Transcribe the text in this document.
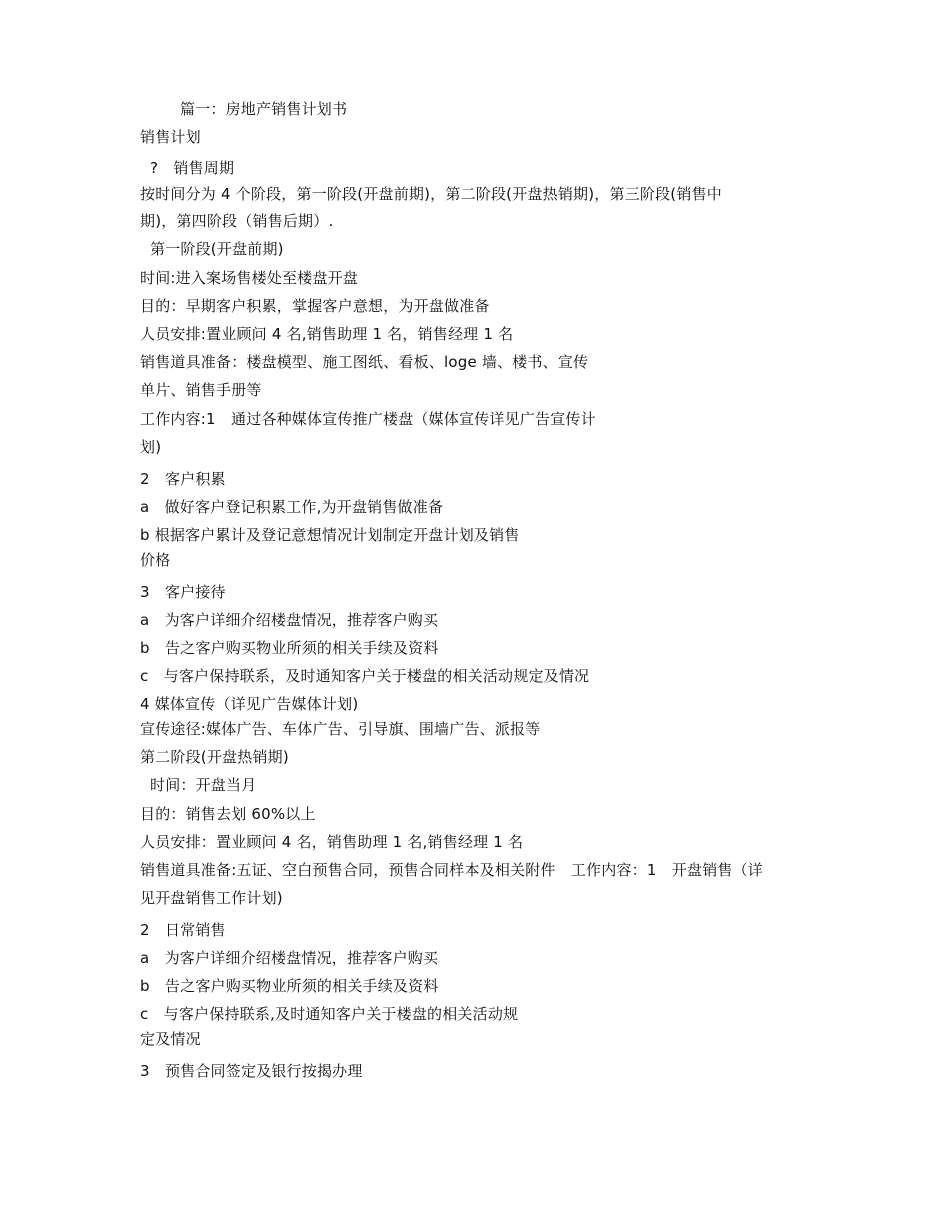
篇一：房地产销售计划书
销售计划
?　销售周期
按时间分为 4 个阶段，第一阶段(开盘前期)，第二阶段(开盘热销期)，第三阶段(销售中
期)，第四阶段（销售后期）.
第一阶段(开盘前期)
时间:进入案场售楼处至楼盘开盘
目的：早期客户积累，掌握客户意想，为开盘做准备
人员安排:置业顾问 4 名,销售助理 1 名，销售经理 1 名
销售道具准备：楼盘模型、施工图纸、看板、loge 墙、楼书、宣传
单片、销售手册等
工作内容:1　通过各种媒体宣传推广楼盘（媒体宣传详见广告宣传计
划)
2　客户积累
a　做好客户登记积累工作,为开盘销售做准备
b 根据客户累计及登记意想情况计划制定开盘计划及销售
价格
3　客户接待
a　为客户详细介绍楼盘情况，推荐客户购买
b　告之客户购买物业所须的相关手续及资料
c　与客户保持联系，及时通知客户关于楼盘的相关活动规定及情况
4 媒体宣传（详见广告媒体计划)
宣传途径:媒体广告、车体广告、引导旗、围墙广告、派报等
第二阶段(开盘热销期)
时间：开盘当月
目的：销售去划 60%以上
人员安排：置业顾问 4 名，销售助理 1 名,销售经理 1 名
销售道具准备:五证、空白预售合同，预售合同样本及相关附件　工作内容：1　开盘销售（详
见开盘销售工作计划)
2　日常销售
a　为客户详细介绍楼盘情况，推荐客户购买
b　告之客户购买物业所须的相关手续及资料
c　与客户保持联系,及时通知客户关于楼盘的相关活动规
定及情况
3　预售合同签定及银行按揭办理
